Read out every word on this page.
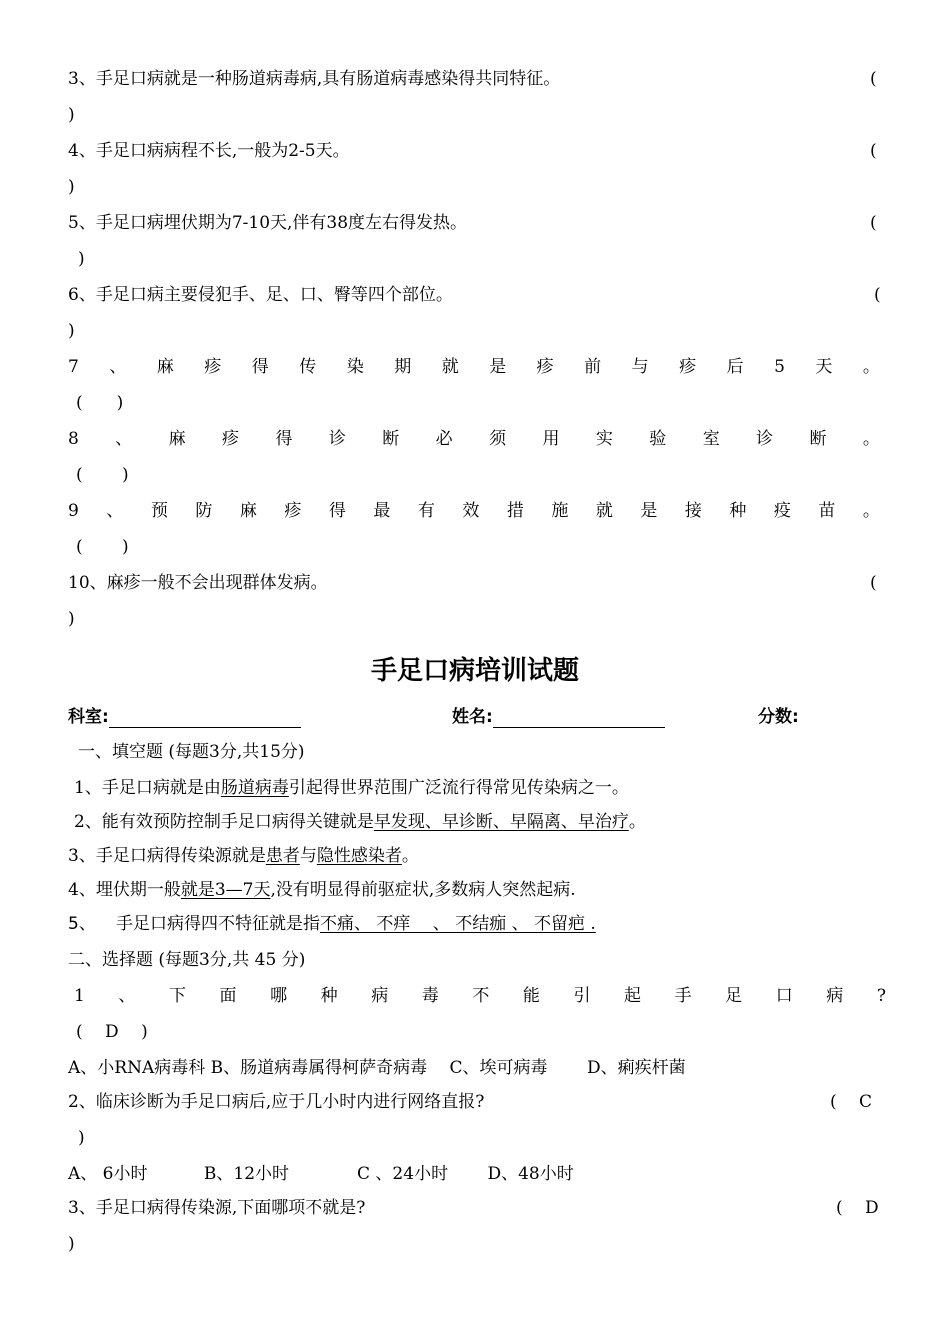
3、手足口病就是一种肠道病毒病,具有肠道病毒感染得共同特征。	(
)
4、手足口病病程不长,一般为2-5天。	(
)
5、手足口病埋伏期为7-10天,伴有38度左右得发热。	(
)
6、手足口病主要侵犯手、足、口、臀等四个部位。	(
)
7 、 麻 疹 得 传 染 期 就 是 疹 前 与 疹 后 5 天 。
(　　)
8 、 麻 疹 得 诊 断 必 须 用 实 验 室 诊 断 。
(　　 )
9 、 预 防 麻 疹 得 最 有 效 措 施 就 是 接 种 疫 苗 。
(　　 )
10、麻疹一般不会出现群体发病。	(
)
手足口病培训试题
科室:	姓名:	分数:
一、填空题 (每题3分,共15分)
1、手足口病就是由肠道病毒引起得世界范围广泛流行得常见传染病之一。
2、能有效预防控制手足口病得关键就是早发现、早诊断、早隔离、早治疗。
3、手足口病得传染源就是患者与隐性感染者。
4、埋伏期一般就是3—7天,没有明显得前驱症状,多数病人突然起病.
5、 手足口病得四不特征就是指不痛、 不痒　 、 不结痂 、 不留疤 .
二、选择题 (每题3分,共 45 分)
1 、 下 面 哪 种 病 毒 不 能 引 起 手 足 口 病 ?
(　 D　 )
A、小RNA病毒科 B、肠道病毒属得柯萨奇病毒　 C、埃可病毒　　 D、痢疾杆菌
2、临床诊断为手足口病后,应于几小时内进行网络直报?	(　 C
)
A、 6小时　　　 B、12小时　　　　C 、24小时　　 D、48小时
3、手足口病得传染源,下面哪项不就是?	(　 D
)
